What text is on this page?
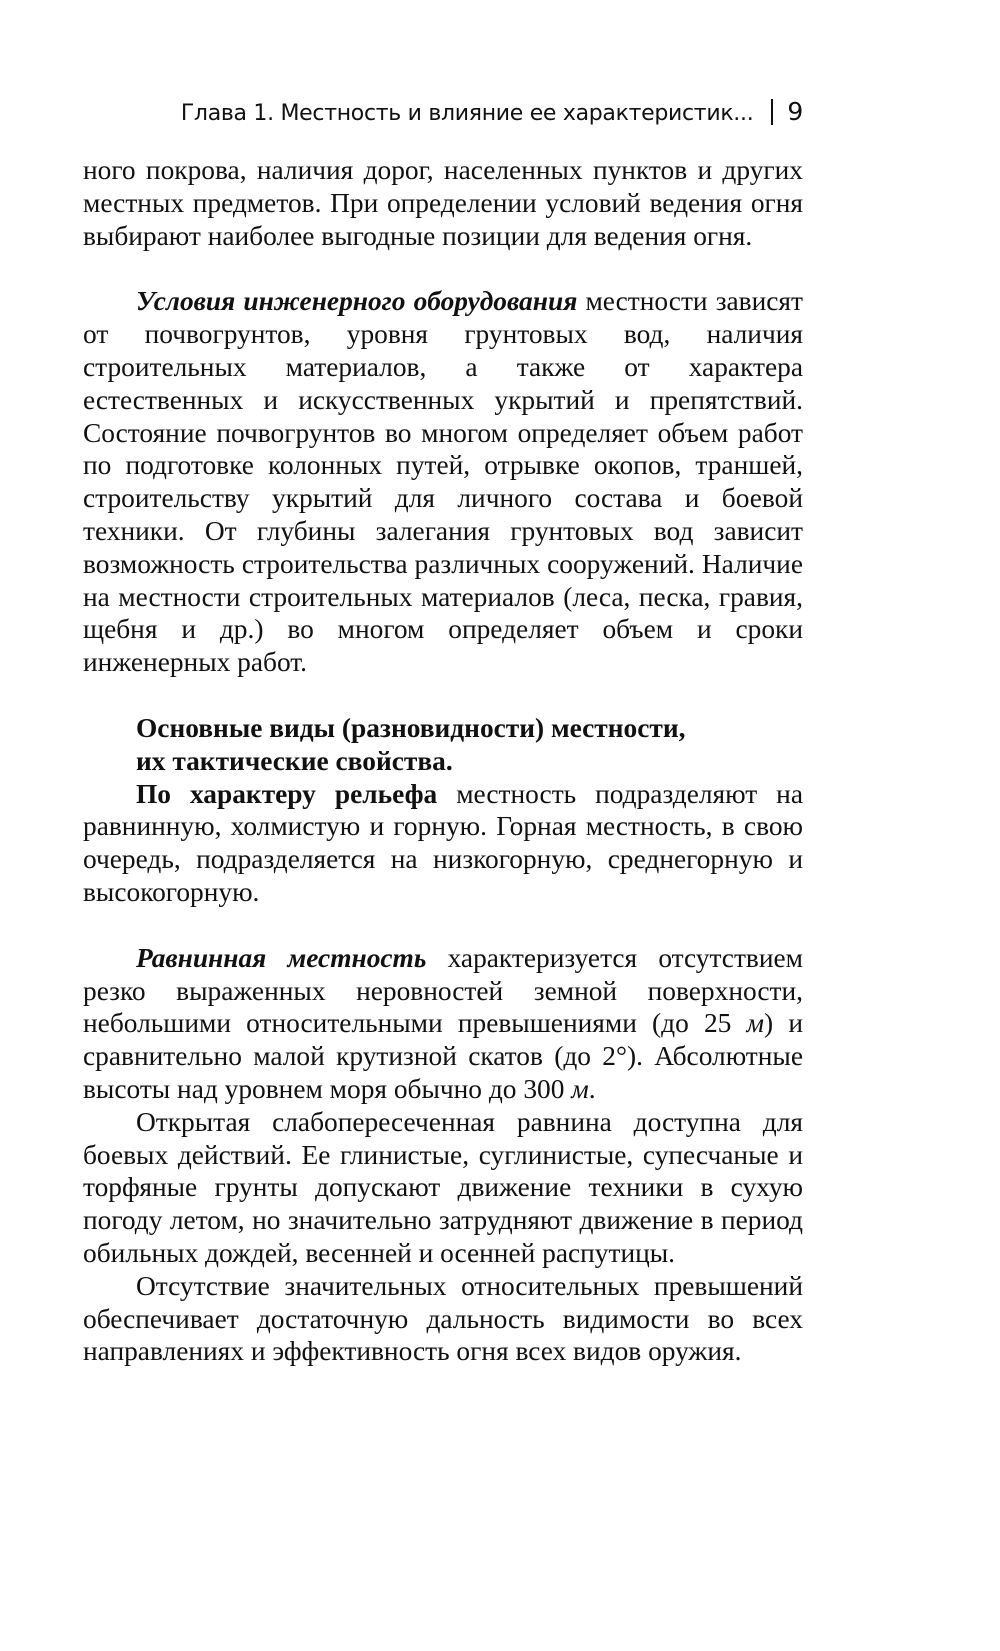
Глава 1. Местность и влияние ее характеристик... 9

ного покрова, наличия дорог, населенных пунктов и других местных предметов. При определении условий ведения огня выбирают наиболее выгодные позиции для ведения огня.

Условия инженерного оборудования местности зависят от почвогрунтов, уровня грунтовых вод, наличия строительных материалов, а также от характера естественных и искусственных укрытий и препятствий. Состояние почвогрунтов во многом определяет объем работ по подготовке колонных путей, отрывке окопов, траншей, строительству укрытий для личного состава и боевой техники. От глубины залегания грунтовых вод зависит возможность строительства различных сооружений. Наличие на местности строительных материалов (леса, песка, гравия, щебня и др.) во многом определяет объем и сроки инженерных работ.

Основные виды (разновидности) местности,
их тактические свойства.

По характеру рельефа местность подразделяют на равнинную, холмистую и горную. Горная местность, в свою очередь, подразделяется на низкогорную, среднегорную и высокогорную.

Равнинная местность характеризуется отсутствием резко выраженных неровностей земной поверхности, небольшими относительными превышениями (до 25 м) и сравнительно малой крутизной скатов (до 2°). Абсолютные высоты над уровнем моря обычно до 300 м.

Открытая слабопересеченная равнина доступна для боевых действий. Ее глинистые, суглинистые, супесчаные и торфяные грунты допускают движение техники в сухую погоду летом, но значительно затрудняют движение в период обильных дождей, весенней и осенней распутицы.

Отсутствие значительных относительных превышений обеспечивает достаточную дальность видимости во всех направлениях и эффективность огня всех видов оружия.
